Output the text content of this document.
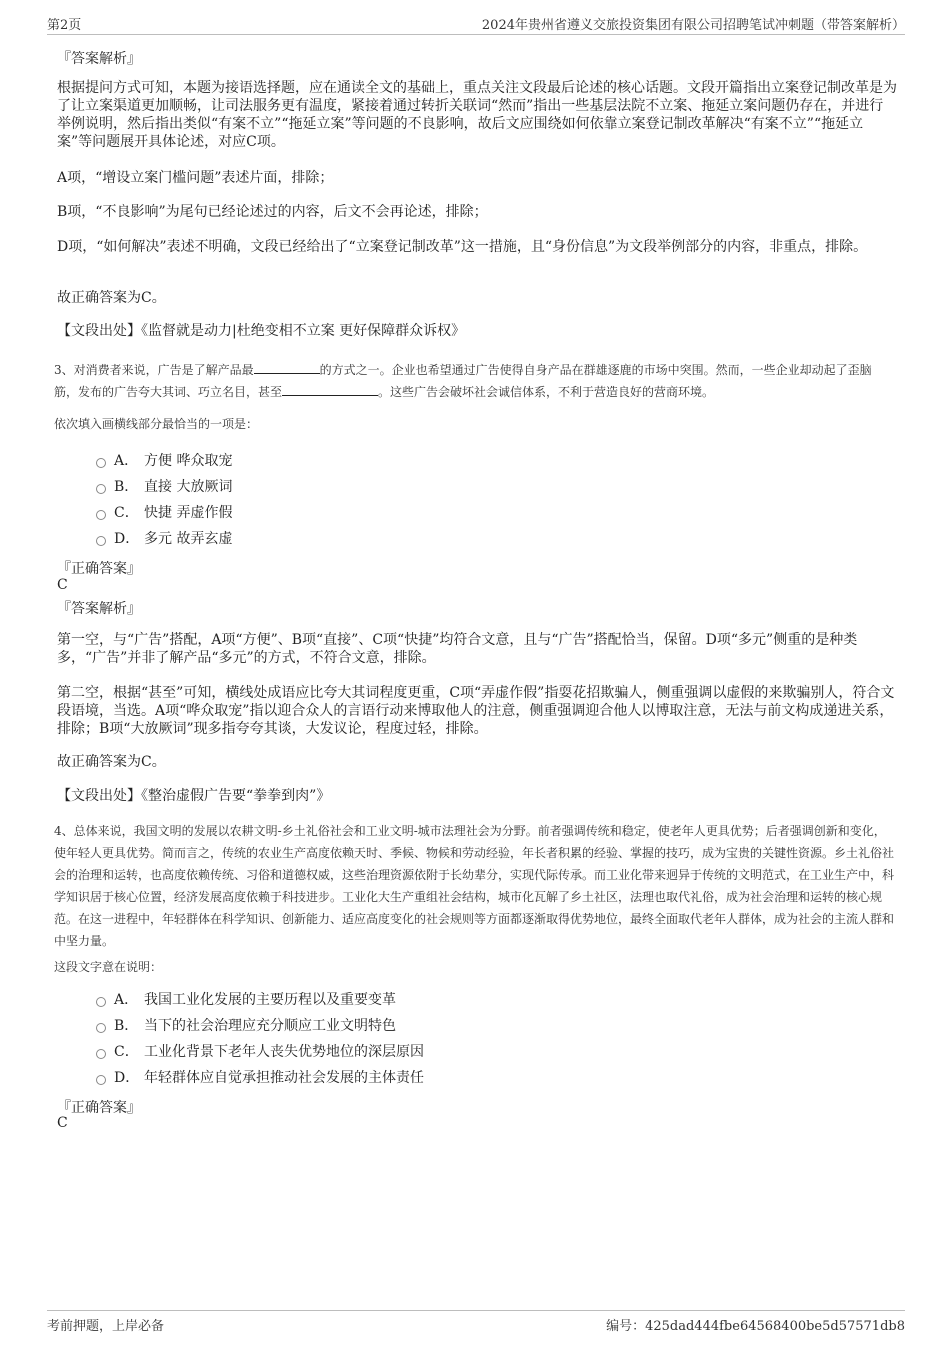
第2页	2024年贵州省遵义交旅投资集团有限公司招聘笔试冲刺题（带答案解析）
『答案解析』
根据提问方式可知，本题为接语选择题，应在通读全文的基础上，重点关注文段最后论述的核心话题。文段开篇指出立案登记制改革是为了让立案渠道更加顺畅，让司法服务更有温度，紧接着通过转折关联词“然而”指出一些基层法院不立案、拖延立案问题仍存在，并进行举例说明，然后指出类似“有案不立”“拖延立案”等问题的不良影响，故后文应围绕如何依靠立案登记制改革解决“有案不立”“拖延立案”等问题展开具体论述，对应C项。
A项，“增设立案门槛问题”表述片面，排除；
B项，“不良影响”为尾句已经论述过的内容，后文不会再论述，排除；
D项，“如何解决”表述不明确，文段已经给出了“立案登记制改革”这一措施，且“身份信息”为文段举例部分的内容，非重点，排除。
故正确答案为C。
【文段出处】《监督就是动力|杜绝变相不立案 更好保障群众诉权》
3、对消费者来说，广告是了解产品最	的方式之一。企业也希望通过广告使得自身产品在群雄逐鹿的市场中突围。然而，一些企业却动起了歪脑筋，发布的广告夸大其词、巧立名目，甚至	。这些广告会破坏社会诚信体系，不利于营造良好的营商环境。
依次填入画横线部分最恰当的一项是：
A． 方便 哗众取宠
B． 直接 大放厥词
C． 快捷 弄虚作假
D． 多元 故弄玄虚
『正确答案』
C
『答案解析』
第一空，与“广告”搭配，A项“方便”、B项“直接”、C项“快捷”均符合文意，且与“广告”搭配恰当，保留。D项“多元”侧重的是种类多，“广告”并非了解产品“多元”的方式，不符合文意，排除。
第二空，根据“甚至”可知，横线处成语应比夸大其词程度更重，C项“弄虚作假”指耍花招欺骗人，侧重强调以虚假的来欺骗别人，符合文段语境，当选。A项“哗众取宠”指以迎合众人的言语行动来博取他人的注意，侧重强调迎合他人以博取注意，无法与前文构成递进关系，排除；B项“大放厥词”现多指夸夸其谈，大发议论，程度过轻，排除。
故正确答案为C。
【文段出处】《整治虚假广告要“拳拳到肉”》
4、总体来说，我国文明的发展以农耕文明-乡土礼俗社会和工业文明-城市法理社会为分野。前者强调传统和稳定，使老年人更具优势；后者强调创新和变化，使年轻人更具优势。简而言之，传统的农业生产高度依赖天时、季候、物候和劳动经验，年长者积累的经验、掌握的技巧，成为宝贵的关键性资源。乡土礼俗社会的治理和运转，也高度依赖传统、习俗和道德权威，这些治理资源依附于长幼辈分，实现代际传承。而工业化带来迥异于传统的文明范式，在工业生产中，科学知识居于核心位置，经济发展高度依赖于科技进步。工业化大生产重组社会结构，城市化瓦解了乡土社区，法理也取代礼俗，成为社会治理和运转的核心规范。在这一进程中，年轻群体在科学知识、创新能力、适应高度变化的社会规则等方面都逐渐取得优势地位，最终全面取代老年人群体，成为社会的主流人群和中坚力量。
这段文字意在说明：
A． 我国工业化发展的主要历程以及重要变革
B． 当下的社会治理应充分顺应工业文明特色
C． 工业化背景下老年人丧失优势地位的深层原因
D． 年轻群体应自觉承担推动社会发展的主体责任
『正确答案』
C
考前押题，上岸必备	编号：425dad444fbe64568400be5d57571db8
